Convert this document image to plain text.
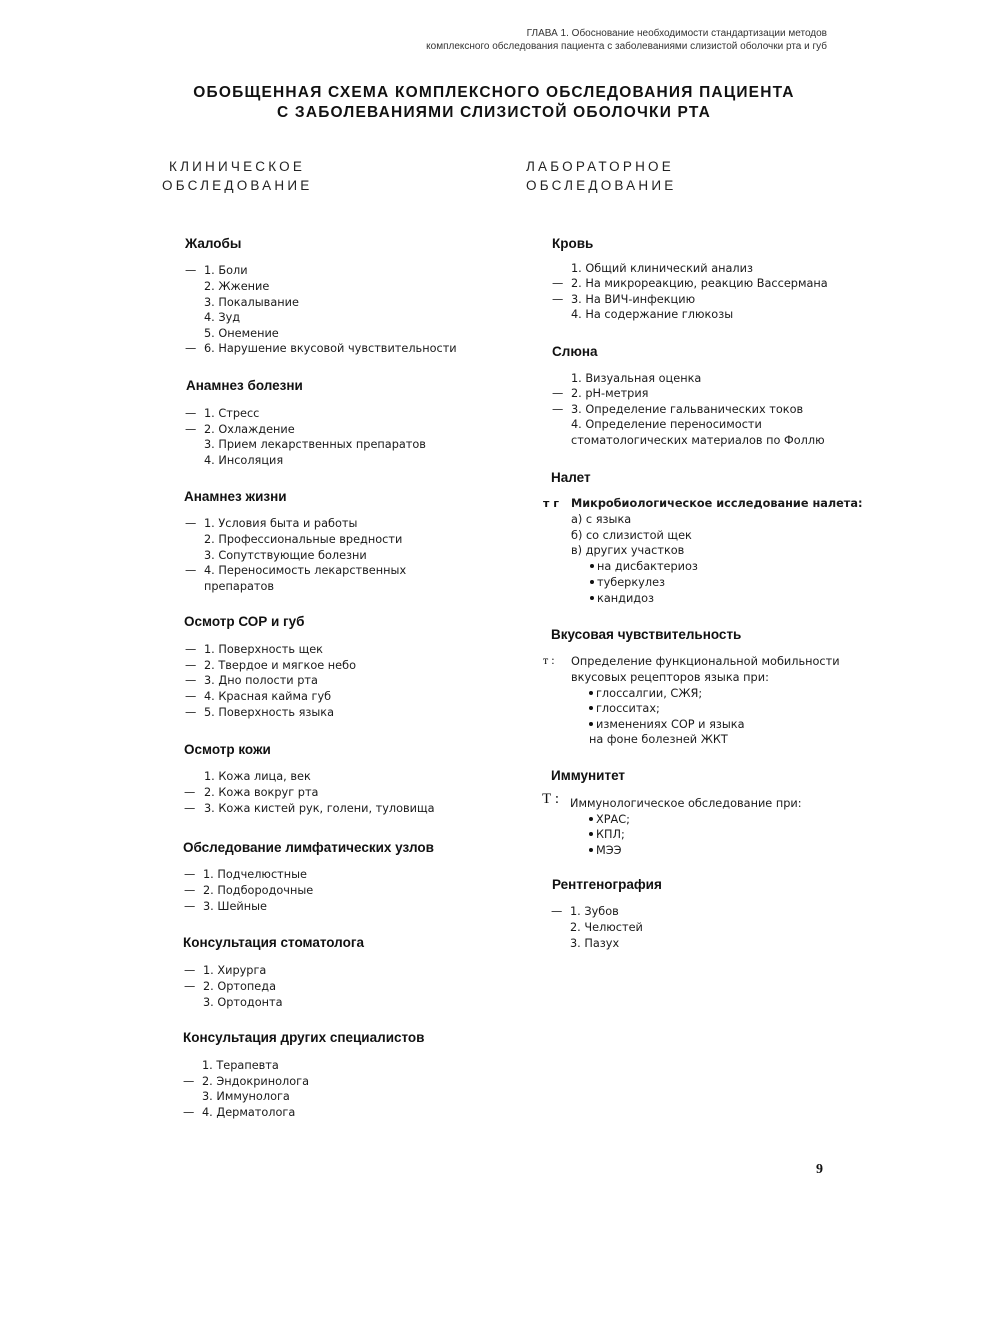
ГЛАВА 1. Обоснование необходимости стандартизации методов
комплексного обследования пациента с заболеваниями слизистой оболочки рта и губ
ОБОБЩЕННАЯ СХЕМА КОМПЛЕКСНОГО ОБСЛЕДОВАНИЯ ПАЦИЕНТА
С ЗАБОЛЕВАНИЯМИ СЛИЗИСТОЙ ОБОЛОЧКИ РТА
КЛИНИЧЕСКОЕ
ОБСЛЕДОВАНИЕ
ЛАБОРАТОРНОЕ
ОБСЛЕДОВАНИЕ
Жалобы
— 1. Боли
2. Жжение
3. Покалывание
4. Зуд
5. Онемение
— 6. Нарушение вкусовой чувствительности
Анамнез болезни
— 1. Стресс
— 2. Охлаждение
3. Прием лекарственных препаратов
4. Инсоляция
Анамнез жизни
— 1. Условия быта и работы
2. Профессиональные вредности
3. Сопутствующие болезни
— 4. Переносимость лекарственных
препаратов
Осмотр СОР и губ
— 1. Поверхность щек
— 2. Твердое и мягкое небо
— 3. Дно полости рта
— 4. Красная кайма губ
— 5. Поверхность языка
Осмотр кожи
1. Кожа лица, век
— 2. Кожа вокруг рта
— 3. Кожа кистей рук, голени, туловища
Обследование лимфатических узлов
— 1. Подчелюстные
— 2. Подбородочные
— 3. Шейные
Консультация стоматолога
— 1. Хирурга
— 2. Ортопеда
3. Ортодонта
Консультация других специалистов
1. Терапевта
— 2. Эндокринолога
3. Иммунолога
— 4. Дерматолога
Кровь
1. Общий клинический анализ
— 2. На микрореакцию, реакцию Вассермана
— 3. На ВИЧ-инфекцию
4. На содержание глюкозы
Слюна
1. Визуальная оценка
— 2. pH-метрия
— 3. Определение гальванических токов
4. Определение переносимости
стоматологических материалов по Фоллю
Налет
т г Микробиологическое исследование налета:
а) с языка
б) со слизистой щек
в) других участков
на дисбактериоз
туберкулез
кандидоз
Вкусовая чувствительность
т : Определение функциональной мобильности
вкусовых рецепторов языка при:
глоссалгии, СЖЯ;
глосситах;
изменениях СОР и языка
на фоне болезней ЖКТ
Иммунитет
Т : Иммунологическое обследование при:
ХРАС;
КПЛ;
МЭЭ
Рентгенография
— 1. Зубов
2. Челюстей
3. Пазух
9
